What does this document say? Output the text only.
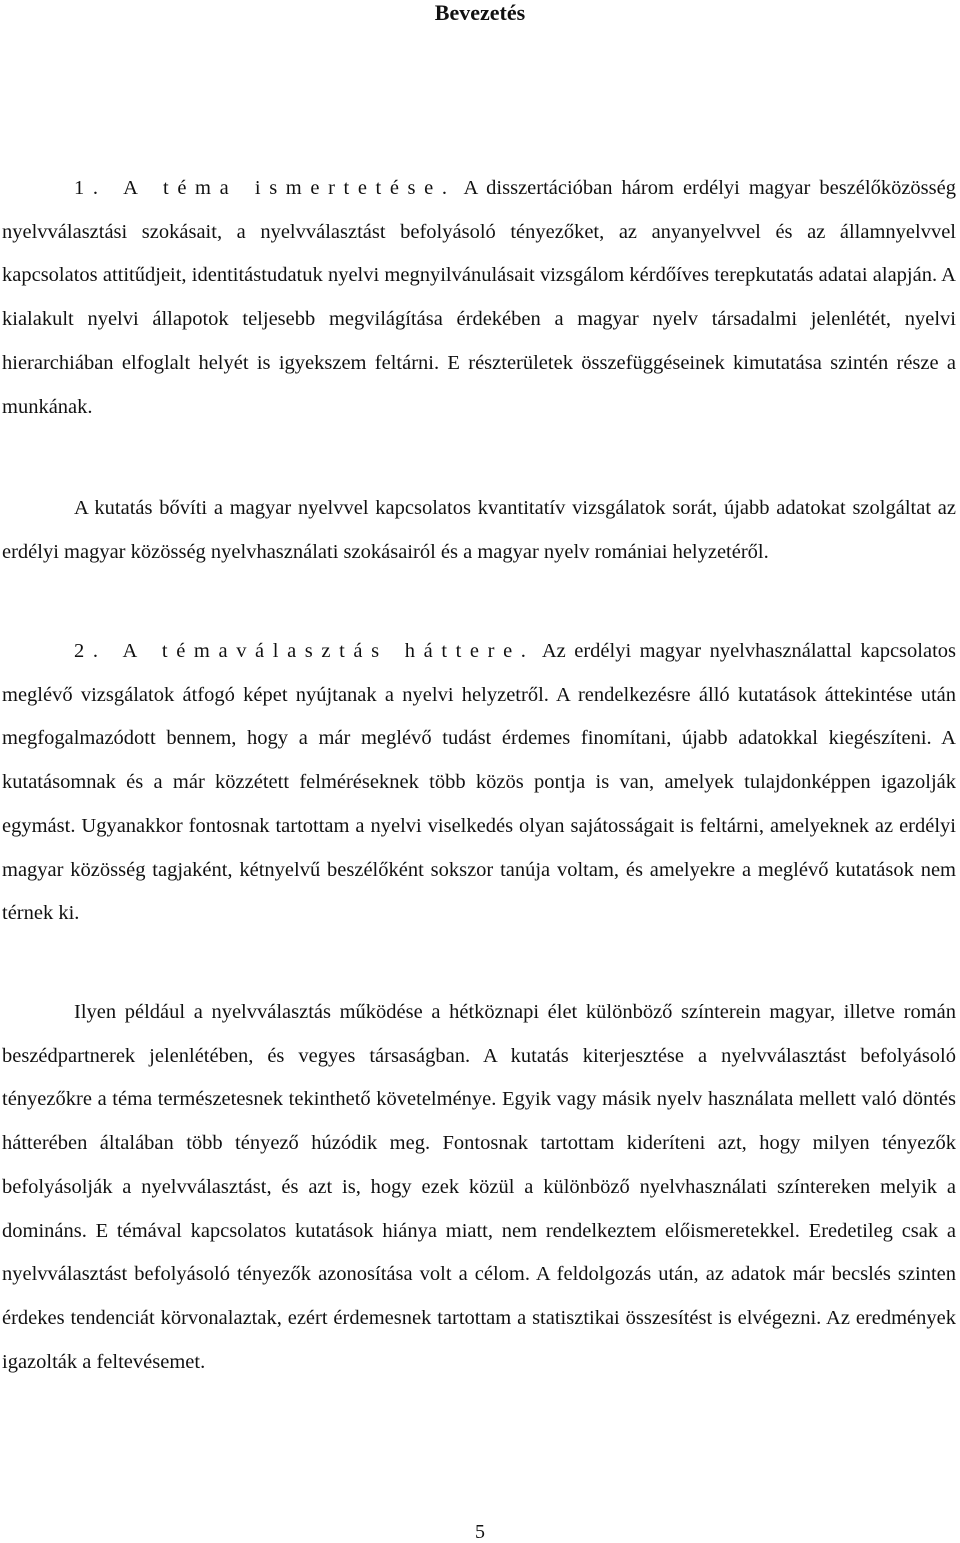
Bevezetés

1. A téma ismertetése. A disszertációban három erdélyi magyar beszélőközösség nyelvválasztási szokásait, a nyelvválasztást befolyásoló tényezőket, az anyanyelvvel és az államnyelvvel kapcsolatos attitűdjeit, identitástudatuk nyelvi megnyilvánulásait vizsgálom kérdőíves terepkutatás adatai alapján. A kialakult nyelvi állapotok teljesebb megvilágítása érdekében a magyar nyelv társadalmi jelenlétét, nyelvi hierarchiában elfoglalt helyét is igyekszem feltárni. E részterületek összefüggéseinek kimutatása szintén része a munkának.

A kutatás bővíti a magyar nyelvvel kapcsolatos kvantitatív vizsgálatok sorát, újabb adatokat szolgáltat az erdélyi magyar közösség nyelvhasználati szokásairól és a magyar nyelv romániai helyzetéről.

2. A témaválasztás háttere. Az erdélyi magyar nyelvhasználattal kapcsolatos meglévő vizsgálatok átfogó képet nyújtanak a nyelvi helyzetről. A rendelkezésre álló kutatások áttekintése után megfogalmazódott bennem, hogy a már meglévő tudást érdemes finomítani, újabb adatokkal kiegészíteni. A kutatásomnak és a már közzétett felméréseknek több közös pontja is van, amelyek tulajdonképpen igazolják egymást. Ugyanakkor fontosnak tartottam a nyelvi viselkedés olyan sajátosságait is feltárni, amelyeknek az erdélyi magyar közösség tagjaként, kétnyelvű beszélőként sokszor tanúja voltam, és amelyekre a meglévő kutatások nem térnek ki.

Ilyen például a nyelvválasztás működése a hétköznapi élet különböző színterein magyar, illetve román beszédpartnerek jelenlétében, és vegyes társaságban. A kutatás kiterjesztése a nyelvválasztást befolyásoló tényezőkre a téma természetesnek tekinthető követelménye. Egyik vagy másik nyelv használata mellett való döntés hátterében általában több tényező húzódik meg. Fontosnak tartottam kideríteni azt, hogy milyen tényezők befolyásolják a nyelvválasztást, és azt is, hogy ezek közül a különböző nyelvhasználati színtereken melyik a domináns. E témával kapcsolatos kutatások hiánya miatt, nem rendelkeztem előismeretekkel. Eredetileg csak a nyelvválasztást befolyásoló tényezők azonosítása volt a célom. A feldolgozás után, az adatok már becslés szinten érdekes tendenciát körvonalaztak, ezért érdemesnek tartottam a statisztikai összesítést is elvégezni. Az eredmények igazolták a feltevésemet.

5
